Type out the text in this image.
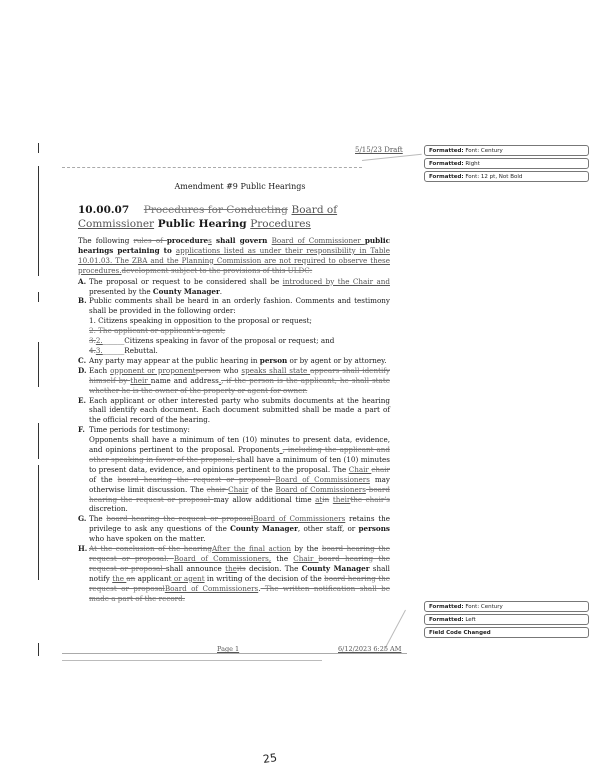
5/15/23 Draft	Formatted: Font: Century
Formatted: Right
Formatted: Font: 12 pt, Not Bold
Amendment #9 Public Hearings
10.00.07 Procedures for Conducting Board of Commissioner Public Hearing Procedures

The following rules of procedures shall govern Board of Commissioner public hearings pertaining to applications listed as under their responsibility in Table 10.01.03. The ZBA and the Planning Commission are not required to observe these procedures.development subject to the provisions of this ULDC:

A. The proposal or request to be considered shall be introduced by the Chair and presented by the County Manager.
B. Public comments shall be heard in an orderly fashion. Comments and testimony shall be provided in the following order:
1. Citizens speaking in opposition to the proposal or request;
2. The applicant or applicant's agent;
3.2.______Citizens speaking in favor of the proposal or request; and
4.3.______Rebuttal.
C. Any party may appear at the public hearing in person or by agent or by attorney.
D. Each opponent or proponentperson who speaks shall state appears shall identify himself by their name and address., if the person is the applicant, he shall state whether he is the owner of the property or agent for owner.
E. Each applicant or other interested party who submits documents at the hearing shall identify each document. Each document submitted shall be made a part of the official record of the hearing.
F. Time periods for testimony:
Opponents shall have a minimum of ten (10) minutes to present data, evidence, and opinions pertinent to the proposal. Proponents , including the applicant and other speaking in favor of the proposal, shall have a minimum of ten (10) minutes to present data, evidence, and opinions pertinent to the proposal. The Chair chair of the board hearing the request or proposal Board of Commissioners may otherwise limit discussion. The chair Chair of the Board of Commissioners board hearing the request or proposal may allow additional time atin theirthe chair's discretion.
G. The board hearing the request or proposalBoard of Commissioners retains the privilege to ask any questions of the County Manager, other staff, or persons who have spoken on the matter.
H. At the conclusion of the hearingAfter the final action by the board hearing the request or proposal. Board of Commissioners, the Chair board hearing the request or proposal shall announce theits decision. The County Manager shall notify the an applicant or agent in writing of the decision of the board hearing the request or proposalBoard of Commissioners. The written notification shall be made a part of the record.
Formatted: Font: Century
Formatted: Left
Field Code Changed
Page 1	6/12/2023 6:25 AM
25
